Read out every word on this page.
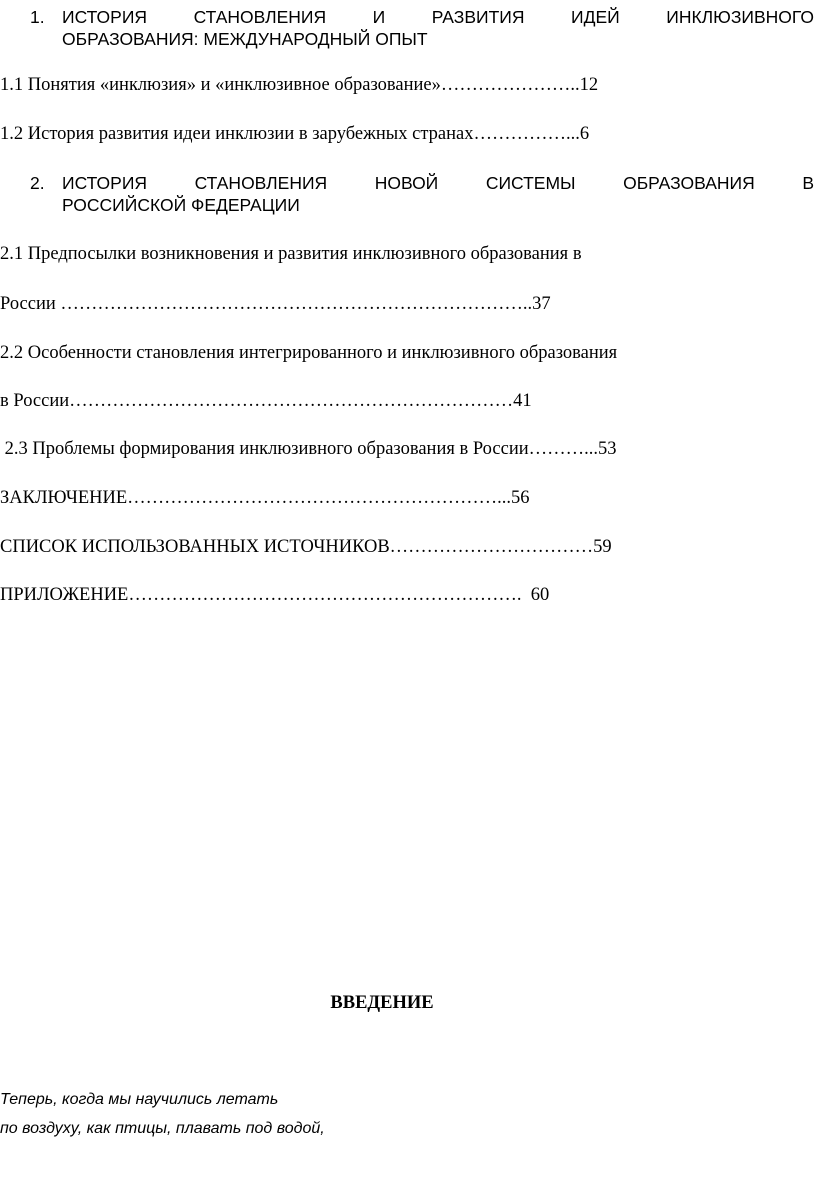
1. ИСТОРИЯ СТАНОВЛЕНИЯ И РАЗВИТИЯ ИДЕЙ ИНКЛЮЗИВНОГО
ОБРАЗОВАНИЯ: МЕЖДУНАРОДНЫЙ ОПЫТ
1.1 Понятия «инклюзия» и «инклюзивное образование»…………………..12
1.2 История развития идеи инклюзии в зарубежных странах……………...6
2. ИСТОРИЯ СТАНОВЛЕНИЯ НОВОЙ СИСТЕМЫ ОБРАЗОВАНИЯ В
РОССИЙСКОЙ ФЕДЕРАЦИИ
2.1 Предпосылки возникновения и развития инклюзивного образования в
России …………………………………………………………………..37
2.2 Особенности становления интегрированного и инклюзивного образования
в России………………………………………………………………41
2.3 Проблемы формирования инклюзивного образования в России………...53
ЗАКЛЮЧЕНИЕ……………………………………………………...56
СПИСОК ИСПОЛЬЗОВАННЫХ ИСТОЧНИКОВ……………………………59
ПРИЛОЖЕНИЕ……………………………………………………….  60
ВВЕДЕНИЕ
Теперь, когда мы научились летать
по воздуху, как птицы, плавать под водой,
